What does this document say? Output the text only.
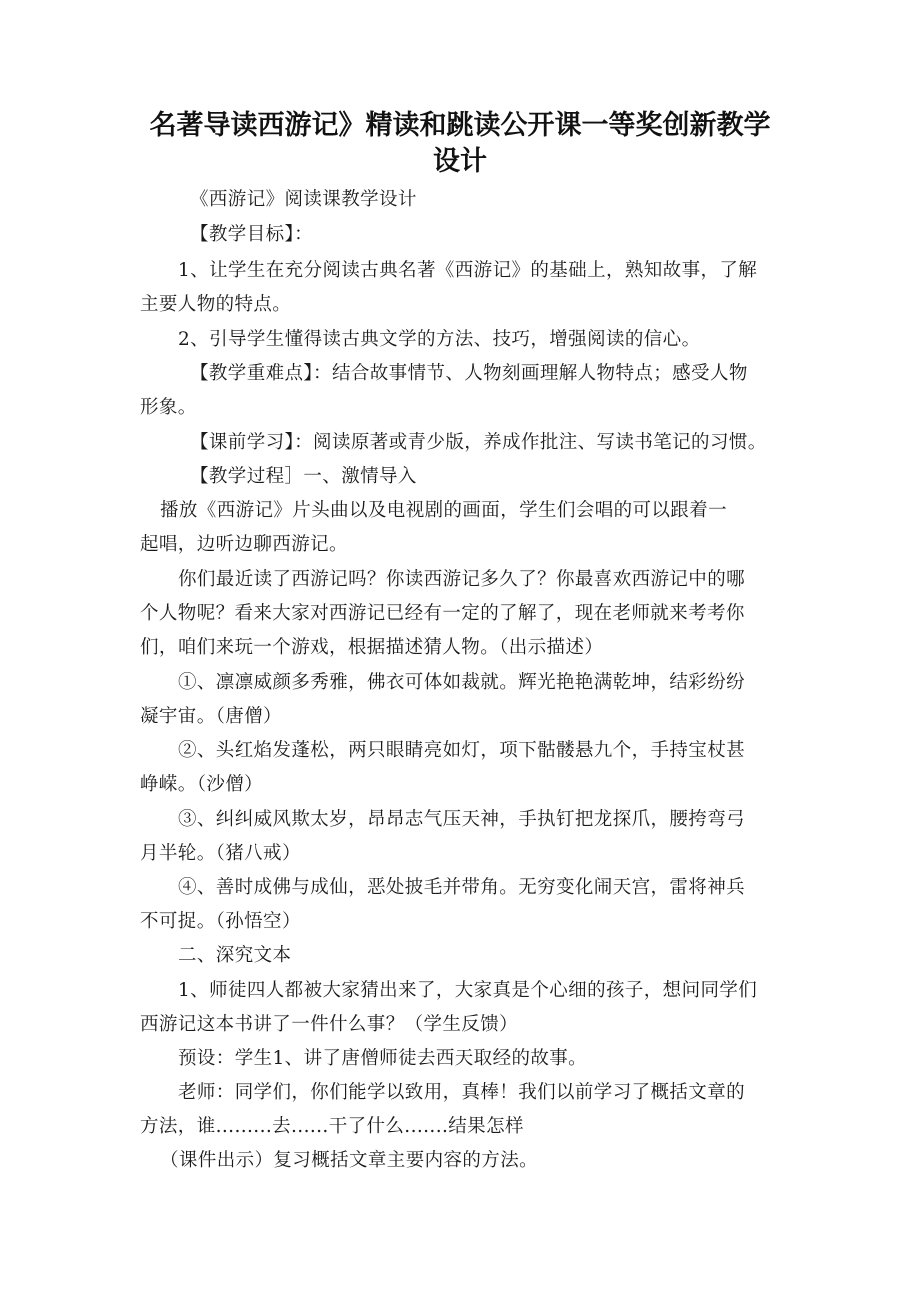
名著导读西游记》精读和跳读公开课一等奖创新教学
设计
《西游记》阅读课教学设计
【教学目标】：
1、让学生在充分阅读古典名著《西游记》的基础上，熟知故事，了解
主要人物的特点。
2、引导学生懂得读古典文学的方法、技巧，增强阅读的信心。
【教学重难点】：结合故事情节、人物刻画理解人物特点；感受人物
形象。
【课前学习】：阅读原著或青少版，养成作批注、写读书笔记的习惯。
【教学过程］一、激情导入
播放《西游记》片头曲以及电视剧的画面，学生们会唱的可以跟着一
起唱，边听边聊西游记。
你们最近读了西游记吗？你读西游记多久了？你最喜欢西游记中的哪
个人物呢？看来大家对西游记已经有一定的了解了，现在老师就来考考你
们，咱们来玩一个游戏，根据描述猜人物。（出示描述）
①、凛凛威颜多秀雅，佛衣可体如裁就。辉光艳艳满乾坤，结彩纷纷
凝宇宙。（唐僧）
②、头红焰发蓬松，两只眼睛亮如灯，项下骷髅悬九个，手持宝杖甚
峥嵘。（沙僧）
③、纠纠威风欺太岁，昂昂志气压天神，手执钉把龙探爪，腰挎弯弓
月半轮。（猪八戒）
④、善时成佛与成仙，恶处披毛并带角。无穷变化闹天宫，雷将神兵
不可捉。（孙悟空）
二、深究文本
1、师徒四人都被大家猜出来了，大家真是个心细的孩子，想问同学们
西游记这本书讲了一件什么事？（学生反馈）
预设：学生1、讲了唐僧师徒去西天取经的故事。
老师：同学们，你们能学以致用，真棒！我们以前学习了概括文章的
方法，谁.........去......干了什么.......结果怎样
（课件出示）复习概括文章主要内容的方法。
